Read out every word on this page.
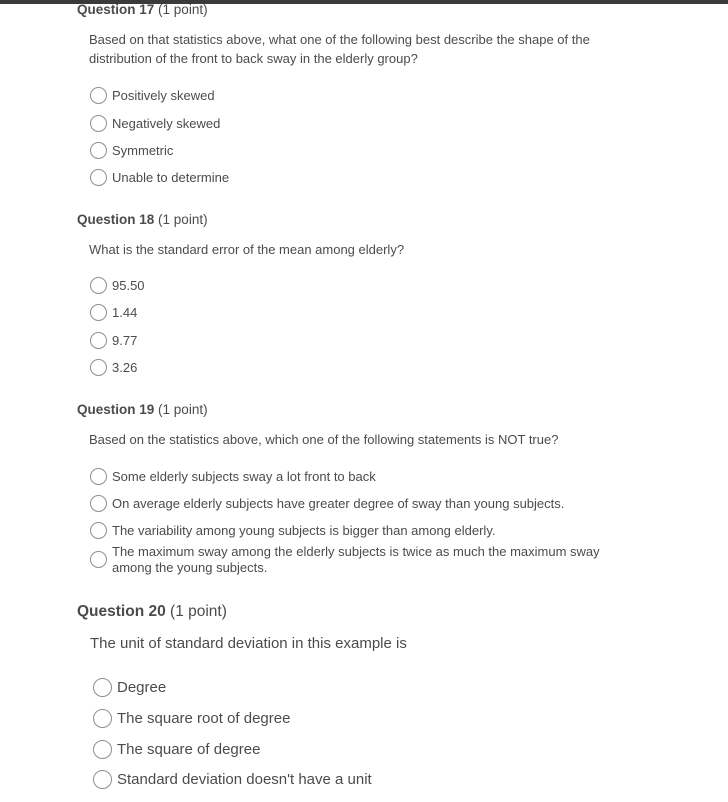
Question 17 (1 point)

Based on that statistics above, what one of the following best describe the shape of the distribution of the front to back sway in the elderly group?

Positively skewed
Negatively skewed
Symmetric
Unable to determine
Question 18 (1 point)

What is the standard error of the mean among elderly?

95.50
1.44
9.77
3.26
Question 19 (1 point)

Based on the statistics above, which one of the following statements is NOT true?

Some elderly subjects sway a lot front to back
On average elderly subjects have greater degree of sway than young subjects.
The variability among young subjects is bigger than among elderly.
The maximum sway among the elderly subjects is twice as much the maximum sway among the young subjects.
Question 20 (1 point)

The unit of standard deviation in this example is

Degree
The square root of degree
The square of degree
Standard deviation doesn't have a unit
